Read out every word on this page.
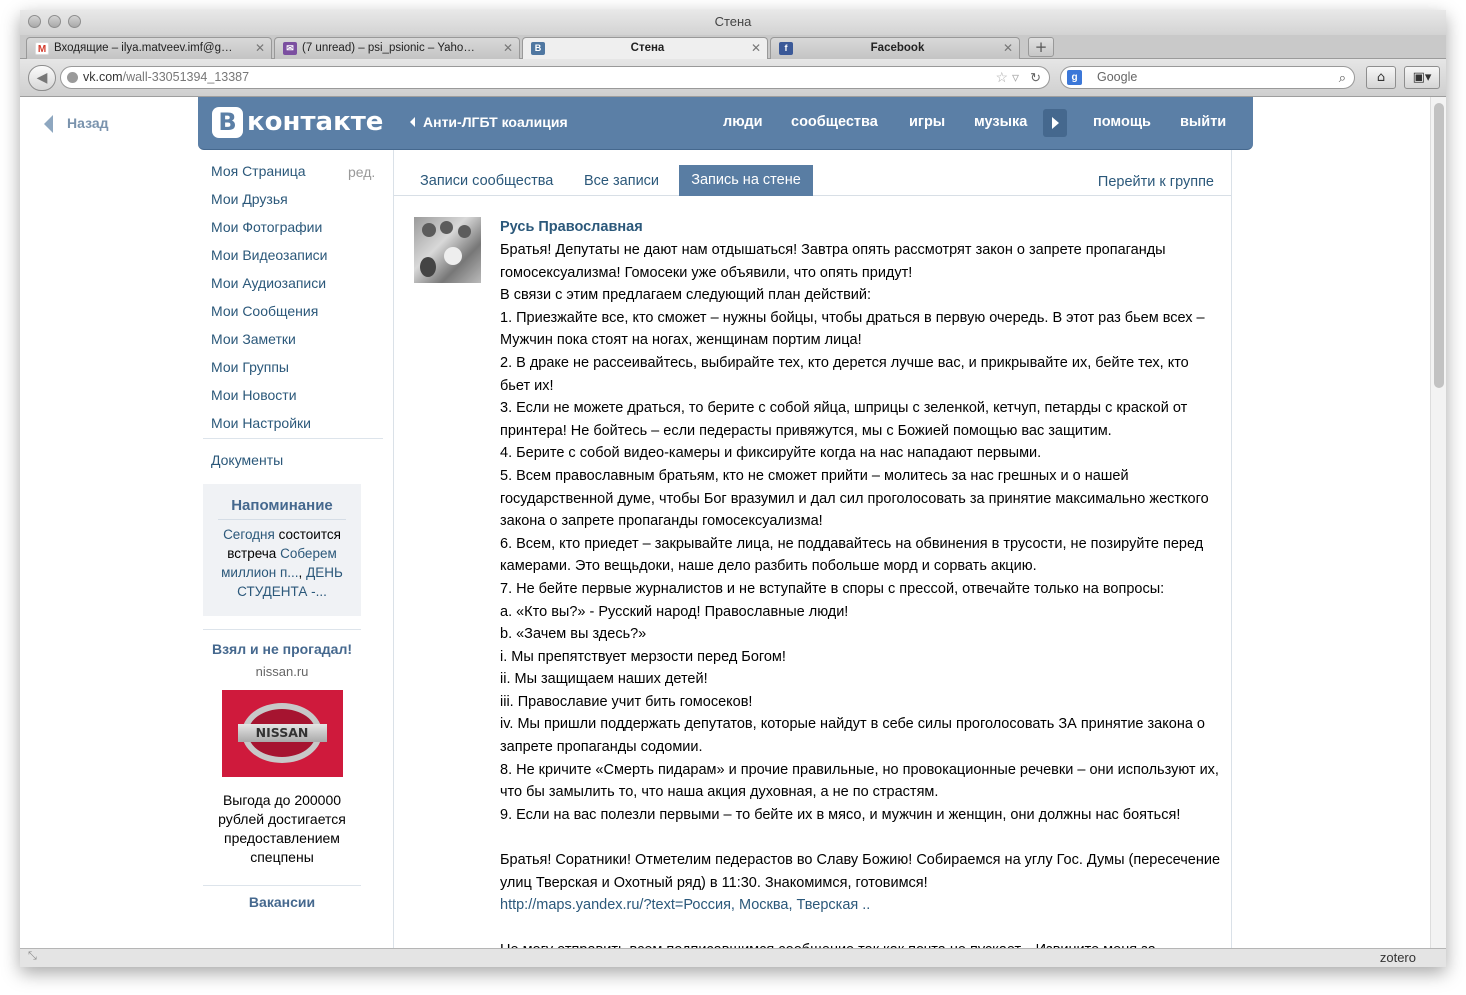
Стена
M Входящие – ilya.matveev.imf@g…	✕	✉ (7 unread) – psi_psionic – Yaho…	✕	B	Стена	✕	f	Facebook	✕	+
◀	vk.com/wall-33051394_13387	☆ ▿ ↻	g	Google	⌕	⌂	▣▾
Назад	В контакте	Анти-ЛГБТ коалиция	люди сообщества игры музыка	помощь выйти
Моя Страница	ред.
Мои Друзья
Мои Фотографии
Мои Видеозаписи
Мои Аудиозаписи
Мои Сообщения
Мои Заметки
Мои Группы
Мои Новости
Мои Настройки
Документы
Напоминание
Сегодня состоится встреча Соберем миллион п..., ДЕНЬ СТУДЕНТА -...
Взял и не прогадал!
nissan.ru
NISSAN
Выгода до 200000 рублей достигается предоставлением спецпены
Вакансии
Записи сообщества Все записи	Запись на стене	Перейти к группе
Русь Православная

Братья! Депутаты не дают нам отдышаться! Завтра опять рассмотрят закон о запрете пропаганды гомосексуализма! Гомосеки уже объявили, что опять придут!

В связи с этим предлагаем следующий план действий:

1. Приезжайте все, кто сможет – нужны бойцы, чтобы драться в первую очередь. В этот раз бьем всех – Мужчин пока стоят на ногах, женщинам портим лица!

2. В драке не рассеивайтесь, выбирайте тех, кто дерется лучше вас, и прикрывайте их, бейте тех, кто бьет их!

3. Если не можете драться, то берите с собой яйца, шприцы с зеленкой, кетчуп, петарды с краской от принтера! Не бойтесь – если педерасты привяжутся, мы с Божией помощью вас защитим.

4. Берите с собой видео-камеры и фиксируйте когда на нас нападают первыми.

5. Всем православным братьям, кто не сможет прийти – молитесь за нас грешных и о нашей государственной думе, чтобы Бог вразумил и дал сил проголосовать за принятие максимально жесткого закона о запрете пропаганды гомосексуализма!

6. Всем, кто приедет – закрывайте лица, не поддавайтесь на обвинения в трусости, не позируйте перед камерами. Это вещьдоки, наше дело разбить побольше морд и сорвать акцию.

7. Не бейте первые журналистов и не вступайте в споры с прессой, отвечайте только на вопросы:

a. «Кто вы?» - Русский народ! Православные люди!

b. «Зачем вы здесь?»

i. Мы препятствует мерзости перед Богом!

ii. Мы защищаем наших детей!

iii. Православие учит бить гомосеков!

iv. Мы пришли поддержать депутатов, которые найдут в себе силы проголосовать ЗА принятие закона о запрете пропаганды содомии.

8. Не кричите «Смерть пидарам» и прочие правильные, но провокационные речевки – они используют их, что бы замылить то, что наша акция духовная, а не по страстям.

9. Если на вас полезли первыми – то бейте их в мясо, и мужчин и женщин, они должны нас бояться!

Братья! Соратники! Отметелим педерастов во Славу Божию! Собираемся на углу Гос. Думы (пересечение улиц Тверская и Охотный ряд) в 11:30. Знакомимся, готовимся!

http://maps.yandex.ru/?text=Россия, Москва, Тверская ..

⤡	zotero
